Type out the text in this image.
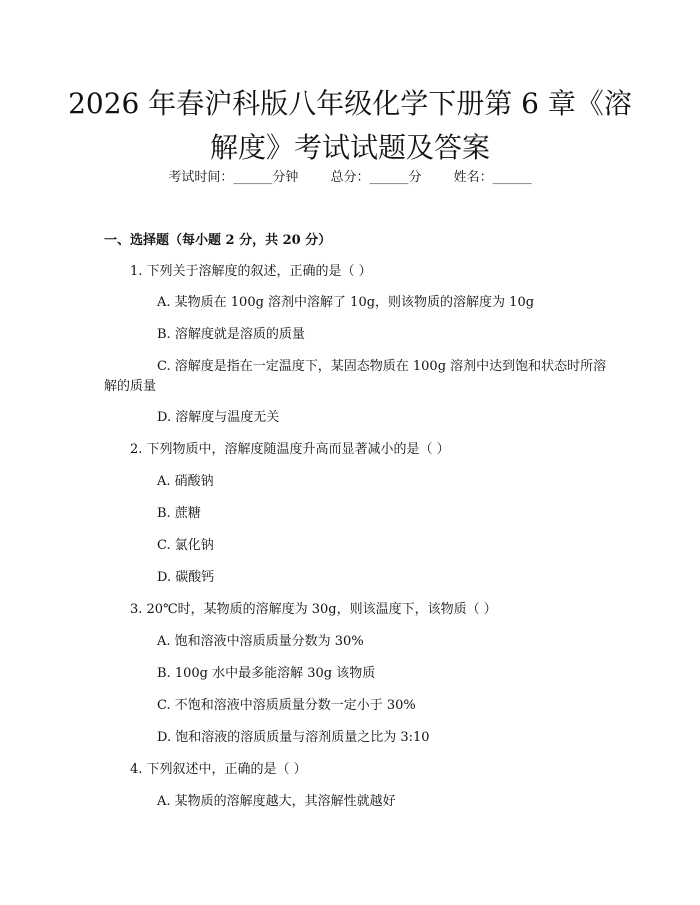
2026 年春沪科版八年级化学下册第 6 章《溶解度》考试试题及答案
考试时间：______分钟 总分：______分 姓名：______
一、选择题（每小题 2 分，共 20 分）
1. 下列关于溶解度的叙述，正确的是（ ）
A. 某物质在 100g 溶剂中溶解了 10g，则该物质的溶解度为 10g
B. 溶解度就是溶质的质量
C. 溶解度是指在一定温度下，某固态物质在 100g 溶剂中达到饱和状态时所溶解的质量
D. 溶解度与温度无关
2. 下列物质中，溶解度随温度升高而显著减小的是（ ）
A. 硝酸钠
B. 蔗糖
C. 氯化钠
D. 碳酸钙
3. 20℃时，某物质的溶解度为 30g，则该温度下，该物质（ ）
A. 饱和溶液中溶质质量分数为 30%
B. 100g 水中最多能溶解 30g 该物质
C. 不饱和溶液中溶质质量分数一定小于 30%
D. 饱和溶液的溶质质量与溶剂质量之比为 3:10
4. 下列叙述中，正确的是（ ）
A. 某物质的溶解度越大，其溶解性就越好
